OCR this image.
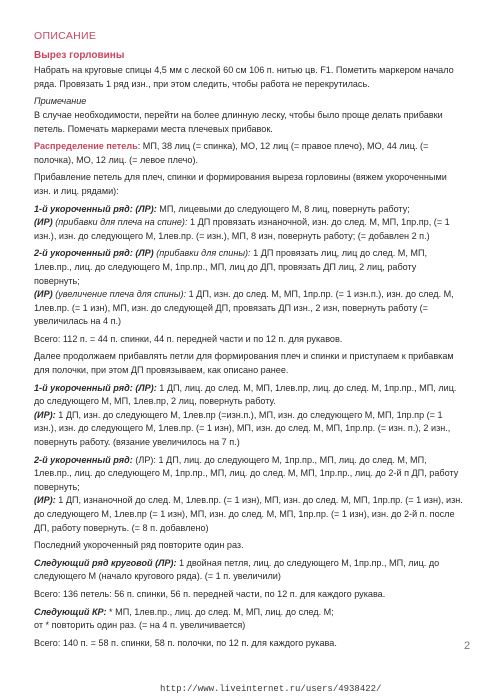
ОПИСАНИЕ
Вырез горловины

Набрать на круговые спицы 4,5 мм с леской 60 см 106 п. нитью цв. F1. Пометить маркером начало ряда. Провязать 1 ряд изн., при этом следить, чтобы работа не перекрутилась.

Примечание

В случае необходимости, перейти на более длинную леску, чтобы было проще делать прибавки петель. Помечать маркерами места плечевых прибавок.

Распределение петель: МП, 38 лиц (= спинка), МО, 12 лиц (= правое плечо), МО, 44 лиц. (= полочка), МО, 12 лиц. (= левое плечо).

Прибавление петель для плеч, спинки и формирования выреза горловины (вяжем укороченными изн. и лиц. рядами):

1-й укороченный ряд: (ЛР): МП, лицевыми до следующего М, 8 лиц, повернуть работу;
(ИР) (прибавки для плеча на спине): 1 ДП провязать изнаночной, изн. до след. М, МП, 1пр.пр, (= 1 изн.), изн. до следующего М, 1лев.пр. (= изн.), МП, 8 изн, повернуть работу; (= добавлен 2 п.)

2-й укороченный ряд: (ЛР) (прибавки для спины): 1 ДП провязать лиц, лиц до след. М, МП, 1лев.пр., лиц. до следующего М, 1пр.пр., МП, лиц до ДП, провязать ДП лиц, 2 лиц, работу повернуть;
(ИР) (увеличение плеча для спины): 1 ДП, изн. до след. М, МП, 1пр.пр. (= 1 изн.п.), изн. до след. М, 1лев.пр. (= 1 изн), МП, изн. до следующей ДП, провязать ДП изн., 2 изн, повернуть работу (= увеличилась на 4 п.)

Всего: 112 п. = 44 п. спинки, 44 п. передней части и по 12 п. для рукавов.

Далее продолжаем прибавлять петли для формирования плеч и спинки и приступаем к прибавкам для полочки, при этом ДП провязываем, как описано ранее.

1-й укороченный ряд: (ЛР): 1 ДП, лиц. до след. М, МП, 1лев.пр, лиц. до след. М, 1пр.пр., МП, лиц. до следующего М, МП, 1лев.пр, 2 лиц, повернуть работу.
(ИР): 1 ДП, изн. до следующего М, 1лев.пр (=изн.п.), МП, изн. до следующего М, МП, 1пр.пр (= 1 изн.), изн. до следующего М, 1лев.пр. (= 1 изн), МП, изн. до след. М, МП, 1пр.пр. (= изн. п.), 2 изн., повернуть работу. (вязание увеличилось на 7 п.)

2-й укороченный ряд: (ЛР): 1 ДП, лиц. до следующего М, 1пр.пр., МП, лиц. до след. М, МП, 1лев.пр., лиц. до следующего М, 1пр.пр., МП, лиц. до след. М, МП, 1пр.пр., лиц. до 2-й п ДП, работу повернуть;
(ИР): 1 ДП, изнаночной до след. М, 1лев.пр. (= 1 изн), МП, изн. до след. М, МП, 1пр.пр. (= 1 изн), изн. до следующего М, 1лев.пр (= 1 изн), МП, изн. до след. М, МП, 1пр.пр. (= 1 изн), изн. до 2-й п. после ДП, работу повернуть. (= 8 п. добавлено)

Последний укороченный ряд повторите один раз.

Следующий ряд круговой (ЛР): 1 двойная петля, лиц. до следующего М, 1пр.пр., МП, лиц. до следующего М (начало кругового ряда). (= 1 п. увеличили)

Всего: 136 петель: 56 п. спинки, 56 п. передней части, по 12 п. для каждого рукава.

Следующий КР: * МП, 1лев.пр., лиц. до след. М, МП, лиц. до след. М;
от * повторить один раз. (= на 4 п. увеличивается)

Всего: 140 п. = 58 п. спинки, 58 п. полочки, по 12 п. для каждого рукава.	2
http://www.liveinternet.ru/users/4938422/
